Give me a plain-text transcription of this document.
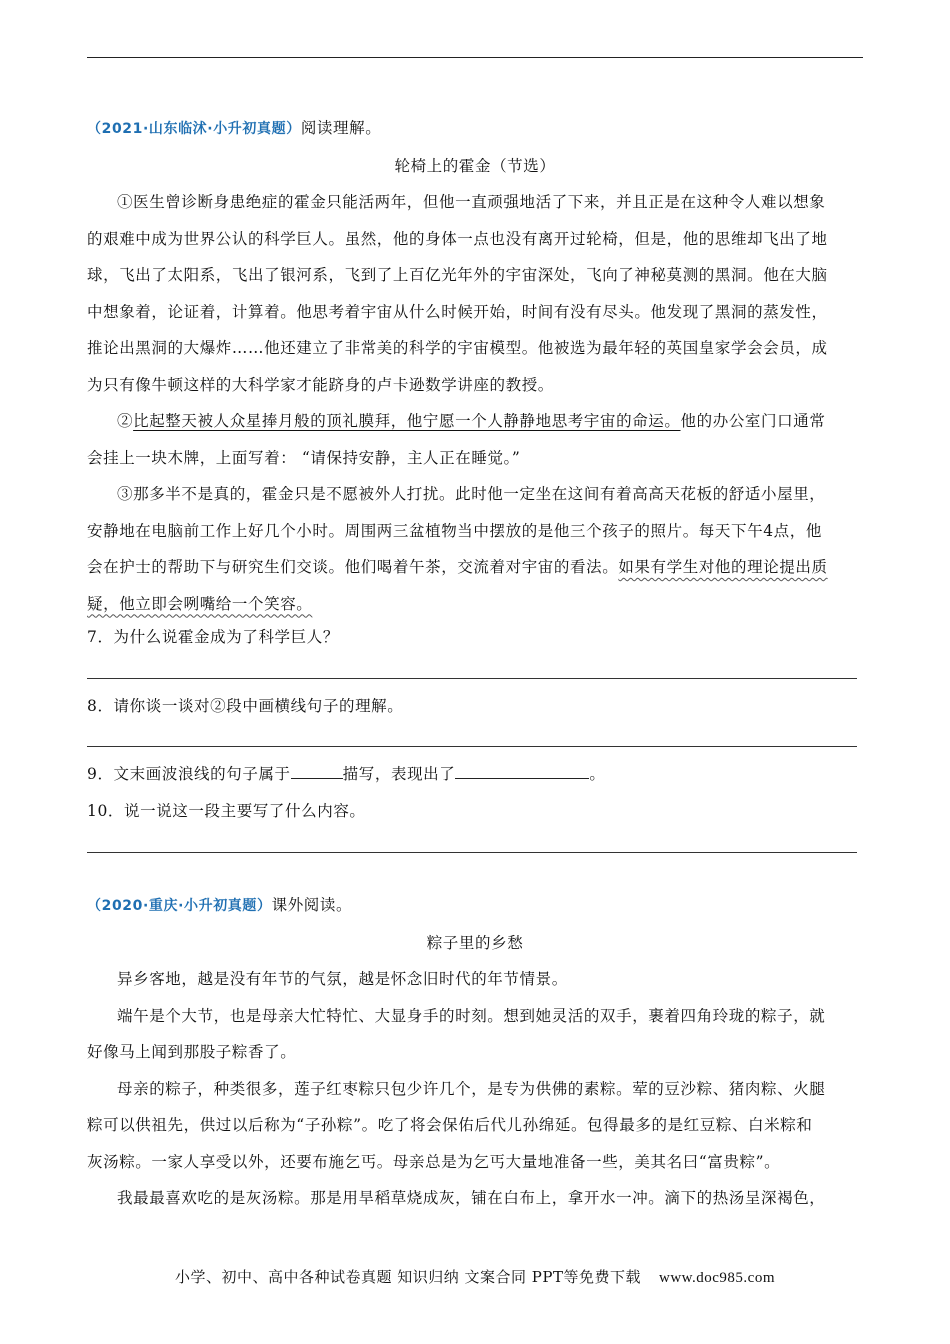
（2021·山东临沭·小升初真题）阅读理解。
轮椅上的霍金（节选）
①医生曾诊断身患绝症的霍金只能活两年，但他一直顽强地活了下来，并且正是在这种令人难以想象
的艰难中成为世界公认的科学巨人。虽然，他的身体一点也没有离开过轮椅，但是，他的思维却飞出了地
球，飞出了太阳系，飞出了银河系，飞到了上百亿光年外的宇宙深处，飞向了神秘莫测的黑洞。他在大脑
中想象着，论证着，计算着。他思考着宇宙从什么时候开始，时间有没有尽头。他发现了黑洞的蒸发性，
推论出黑洞的大爆炸……他还建立了非常美的科学的宇宙模型。他被选为最年轻的英国皇家学会会员，成
为只有像牛顿这样的大科学家才能跻身的卢卡逊数学讲座的教授。
②比起整天被人众星捧月般的顶礼膜拜，他宁愿一个人静静地思考宇宙的命运。他的办公室门口通常
会挂上一块木牌，上面写着： “请保持安静，主人正在睡觉。”
③那多半不是真的，霍金只是不愿被外人打扰。此时他一定坐在这间有着高高天花板的舒适小屋里，
安静地在电脑前工作上好几个小时。周围两三盆植物当中摆放的是他三个孩子的照片。每天下午4点，他
会在护士的帮助下与研究生们交谈。他们喝着午茶，交流着对宇宙的看法。如果有学生对他的理论提出质
疑，他立即会咧嘴给一个笑容。
7．为什么说霍金成为了科学巨人？
8．请你谈一谈对②段中画横线句子的理解。
9．文末画波浪线的句子属于	描写，表现出了	。
10．说一说这一段主要写了什么内容。
（2020·重庆·小升初真题）课外阅读。
粽子里的乡愁
异乡客地，越是没有年节的气氛，越是怀念旧时代的年节情景。
端午是个大节，也是母亲大忙特忙、大显身手的时刻。想到她灵活的双手，裹着四角玲珑的粽子，就
好像马上闻到那股子粽香了。
母亲的粽子，种类很多，莲子红枣粽只包少许几个，是专为供佛的素粽。荤的豆沙粽、猪肉粽、火腿
粽可以供祖先，供过以后称为“子孙粽”。吃了将会保佑后代儿孙绵延。包得最多的是红豆粽、白米粽和
灰汤粽。一家人享受以外，还要布施乞丐。母亲总是为乞丐大量地准备一些，美其名曰“富贵粽”。
我最最喜欢吃的是灰汤粽。那是用旱稻草烧成灰，铺在白布上，拿开水一冲。滴下的热汤呈深褐色，
小学、初中、高中各种试卷真题 知识归纳 文案合同 PPT等免费下载 www.doc985.com
